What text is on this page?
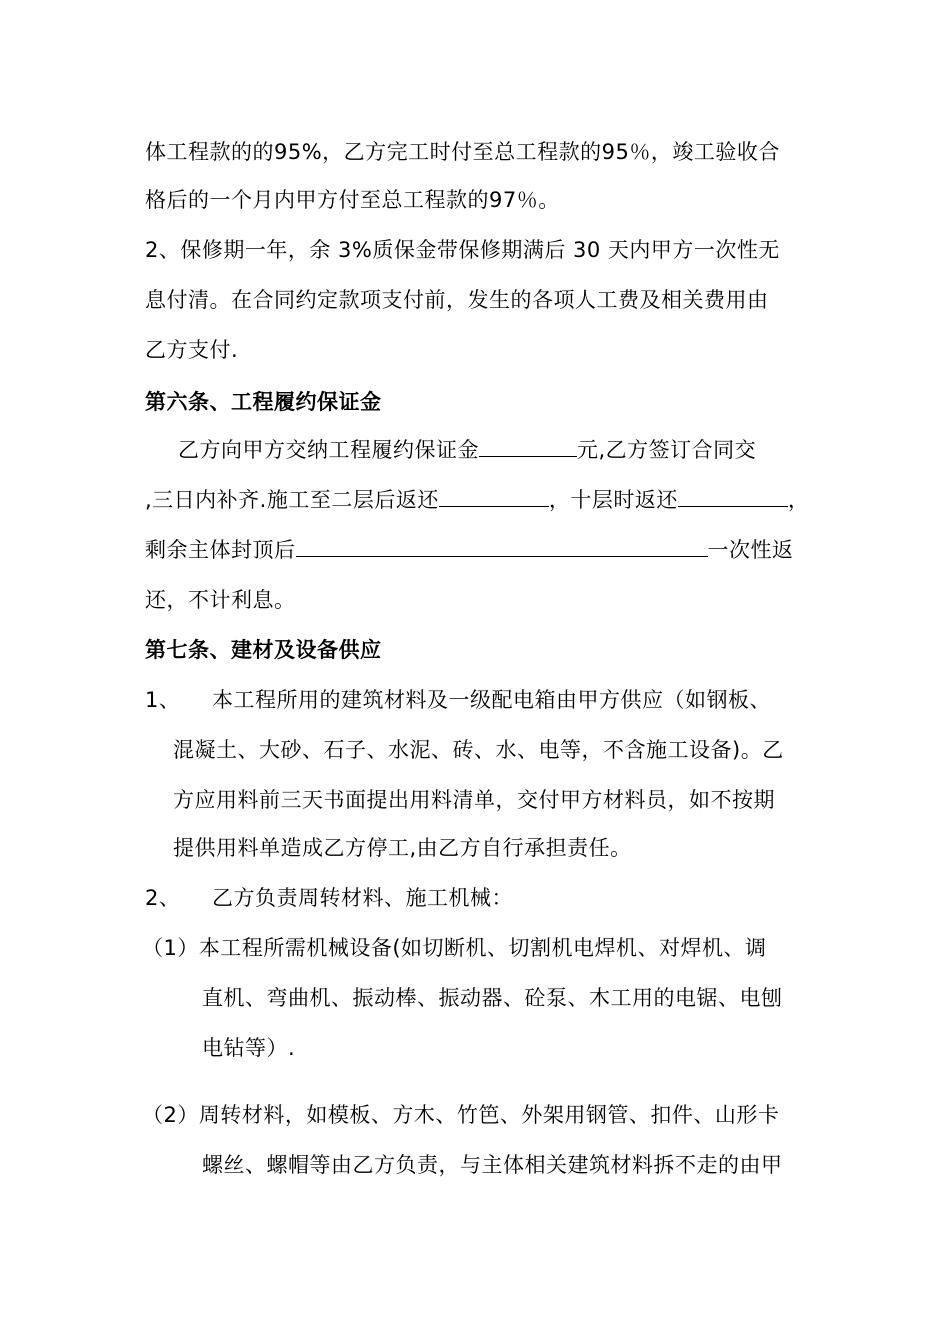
体工程款的的95%，乙方完工时付至总工程款的95％，竣工验收合
格后的一个月内甲方付至总工程款的97％。
2、保修期一年，余 3%质保金带保修期满后 30 天内甲方一次性无
息付清。在合同约定款项支付前，发生的各项人工费及相关费用由
乙方支付.
第六条、工程履约保证金
乙方向甲方交纳工程履约保证金	元,乙方签订合同交
,三日内补齐.施工至二层后返还	，十层时返还	，
剩余主体封顶后	一次性返
还，不计利息。
第七条、建材及设备供应
1、 本工程所用的建筑材料及一级配电箱由甲方供应（如钢板、
混凝土、大砂、石子、水泥、砖、水、电等，不含施工设备)。乙
方应用料前三天书面提出用料清单，交付甲方材料员，如不按期
提供用料单造成乙方停工,由乙方自行承担责任。
2、 乙方负责周转材料、施工机械：
（1）本工程所需机械设备(如切断机、切割机电焊机、对焊机、调
直机、弯曲机、振动棒、振动器、砼泵、木工用的电锯、电刨
电钻等）.
（2）周转材料，如模板、方木、竹笆、外架用钢管、扣件、山形卡
螺丝、螺帽等由乙方负责，与主体相关建筑材料拆不走的由甲
